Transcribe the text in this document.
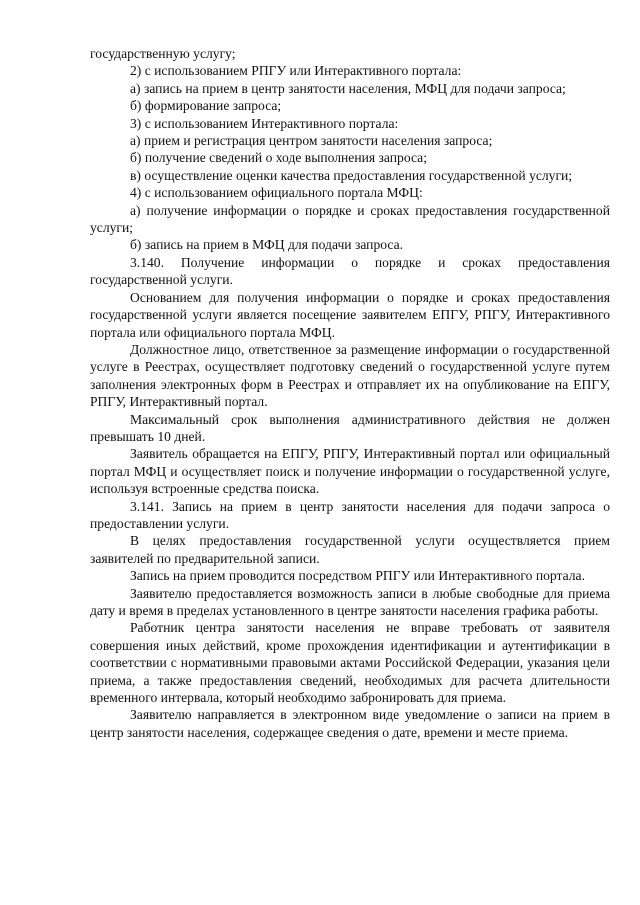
государственную услугу;

2) с использованием РПГУ или Интерактивного портала:

а) запись на прием в центр занятости населения, МФЦ для подачи запроса;

б) формирование запроса;

3) с использованием Интерактивного портала:

а) прием и регистрация центром занятости населения запроса;

б) получение сведений о ходе выполнения запроса;

в) осуществление оценки качества предоставления государственной услуги;

4) с использованием официального портала МФЦ:

а) получение информации о порядке и сроках предоставления государственной услуги;

б) запись на прием в МФЦ для подачи запроса.

3.140. Получение информации о порядке и сроках предоставления государственной услуги.

Основанием для получения информации о порядке и сроках предоставления государственной услуги является посещение заявителем ЕПГУ, РПГУ, Интерактивного портала или официального портала МФЦ.

Должностное лицо, ответственное за размещение информации о государственной услуге в Реестрах, осуществляет подготовку сведений о государственной услуге путем заполнения электронных форм в Реестрах и отправляет их на опубликование на ЕПГУ, РПГУ, Интерактивный портал.

Максимальный срок выполнения административного действия не должен превышать 10 дней.

Заявитель обращается на ЕПГУ, РПГУ, Интерактивный портал или официальный портал МФЦ и осуществляет поиск и получение информации о государственной услуге, используя встроенные средства поиска.

3.141. Запись на прием в центр занятости населения для подачи запроса о предоставлении услуги.

В целях предоставления государственной услуги осуществляется прием заявителей по предварительной записи.

Запись на прием проводится посредством РПГУ или Интерактивного портала.

Заявителю предоставляется возможность записи в любые свободные для приема дату и время в пределах установленного в центре занятости населения графика работы.

Работник центра занятости населения не вправе требовать от заявителя совершения иных действий, кроме прохождения идентификации и аутентификации в соответствии с нормативными правовыми актами Российской Федерации, указания цели приема, а также предоставления сведений, необходимых для расчета длительности временного интервала, который необходимо забронировать для приема.

Заявителю направляется в электронном виде уведомление о записи на прием в центр занятости населения, содержащее сведения о дате, времени и месте приема.
